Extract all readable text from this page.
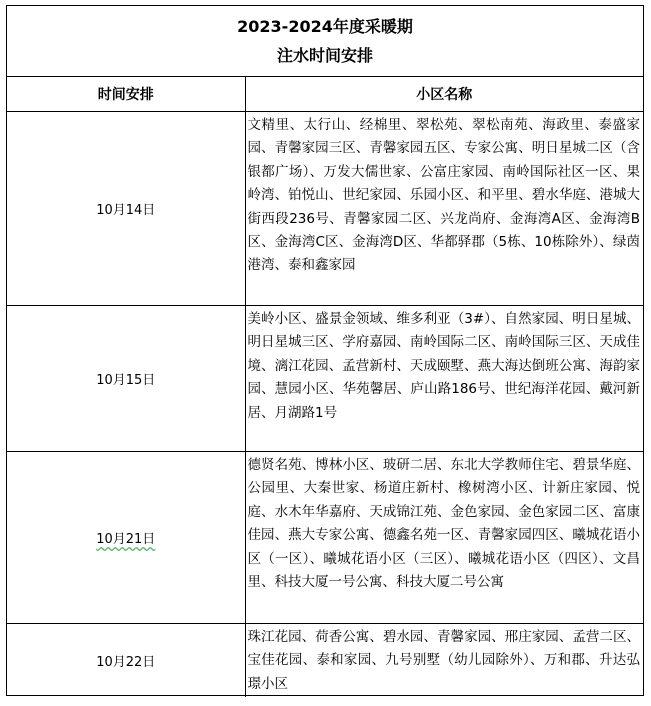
2023-2024年度采暖期
注水时间安排
时间安排	小区名称
10月14日	文精里、太行山、经棉里、翠松苑、翠松南苑、海政里、泰盛家园、青馨家园三区、青馨家园五区、专家公寓、明日星城二区（含银都广场）、万发大儒世家、公富庄家园、南岭国际社区一区、果岭湾、铂悦山、世纪家园、乐园小区、和平里、碧水华庭、港城大街西段236号、青馨家园二区、兴龙尚府、金海湾A区、金海湾B区、金海湾C区、金海湾D区、华都驿郡（5栋、10栋除外）、绿茵港湾、泰和鑫家园
10月15日	美岭小区、盛景金领域、维多利亚（3#）、自然家园、明日星城、明日星城三区、学府嘉园、南岭国际二区、南岭国际三区、天成佳境、漓江花园、孟营新村、天成颐墅、燕大海达倒班公寓、海韵家园、慧园小区、华苑馨居、庐山路186号、世纪海洋花园、戴河新居、月湖路1号
10月21日	德贤名苑、博林小区、玻研二居、东北大学教师住宅、碧景华庭、公园里、大秦世家、杨道庄新村、橡树湾小区、计新庄家园、悦庭、水木年华嘉府、天成锦江苑、金色家园、金色家园二区、富康佳园、燕大专家公寓、德鑫名苑一区、青馨家园四区、曦城花语小区（一区）、曦城花语小区（三区）、曦城花语小区（四区）、文昌里、科技大厦一号公寓、科技大厦二号公寓
10月22日	珠江花园、荷香公寓、碧水园、青馨家园、邢庄家园、孟营二区、宝佳花园、泰和家园、九号别墅（幼儿园除外）、万和郡、升达弘璟小区
